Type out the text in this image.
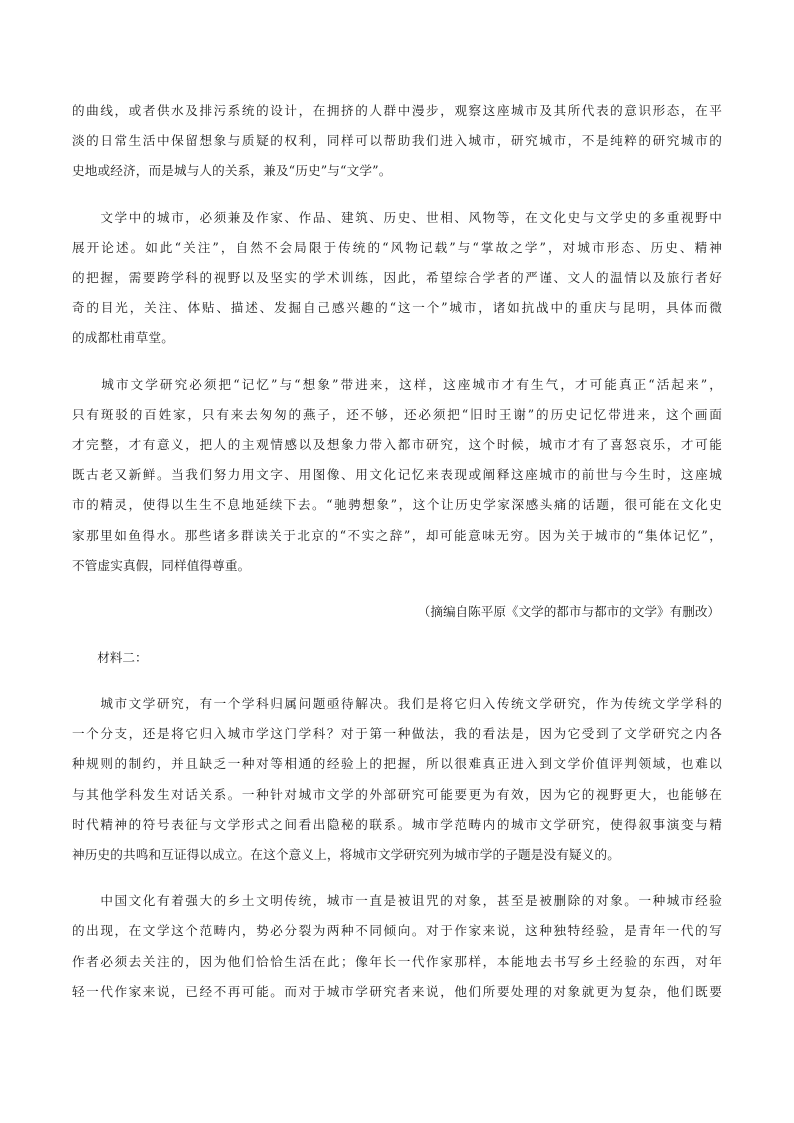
的曲线，或者供水及排污系统的设计，在拥挤的人群中漫步，观察这座城市及其所代表的意识形态，在平
淡的日常生活中保留想象与质疑的权利，同样可以帮助我们进入城市，研究城市，不是纯粹的研究城市的
史地或经济，而是城与人的关系，兼及“历史”与“文学”。
　　文学中的城市，必须兼及作家、作品、建筑、历史、世相、风物等，在文化史与文学史的多重视野中
展开论述。如此“关注”，自然不会局限于传统的“风物记载”与“掌故之学”，对城市形态、历史、精神
的把握，需要跨学科的视野以及坚实的学术训练，因此，希望综合学者的严谨、文人的温情以及旅行者好
奇的目光，关注、体贴、描述、发掘自己感兴趣的“这一个”城市，诸如抗战中的重庆与昆明，具体而微
的成都杜甫草堂。
　　城市文学研究必须把“记忆”与“想象”带进来，这样，这座城市才有生气，才可能真正“活起来”，
只有斑驳的百姓家，只有来去匆匆的燕子，还不够，还必须把“旧时王谢”的历史记忆带进来，这个画面
才完整，才有意义，把人的主观情感以及想象力带入都市研究，这个时候，城市才有了喜怒哀乐，才可能
既古老又新鲜。当我们努力用文字、用图像、用文化记忆来表现或阐释这座城市的前世与今生时，这座城
市的精灵，使得以生生不息地延续下去。“驰骋想象”，这个让历史学家深感头痛的话题，很可能在文化史
家那里如鱼得水。那些诸多群读关于北京的“不实之辞”，却可能意味无穷。因为关于城市的“集体记忆”，
不管虚实真假，同样值得尊重。

（摘编自陈平原《文学的都市与都市的文学》有删改）

　　材料二：

　　城市文学研究，有一个学科归属问题亟待解决。我们是将它归入传统文学研究，作为传统文学学科的
一个分支，还是将它归入城市学这门学科？对于第一种做法，我的看法是，因为它受到了文学研究之内各
种规则的制约，并且缺乏一种对等相通的经验上的把握，所以很难真正进入到文学价值评判领域，也难以
与其他学科发生对话关系。一种针对城市文学的外部研究可能要更为有效，因为它的视野更大，也能够在
时代精神的符号表征与文学形式之间看出隐秘的联系。城市学范畴内的城市文学研究，使得叙事演变与精
神历史的共鸣和互证得以成立。在这个意义上，将城市文学研究列为城市学的子题是没有疑义的。
　　中国文化有着强大的乡土文明传统，城市一直是被诅咒的对象，甚至是被删除的对象。一种城市经验
的出现，在文学这个范畴内，势必分裂为两种不同倾向。对于作家来说，这种独特经验，是青年一代的写
作者必须去关注的，因为他们恰恰生活在此；像年长一代作家那样，本能地去书写乡土经验的东西，对年
轻一代作家来说，已经不再可能。而对于城市学研究者来说，他们所要处理的对象就更为复杂，他们既要
